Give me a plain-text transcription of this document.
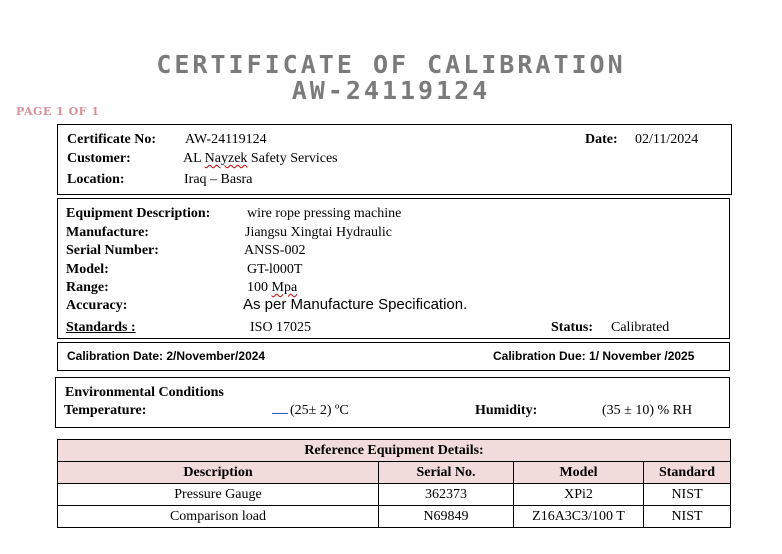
CERTIFICATE OF CALIBRATION
AW-24119124
PAGE 1 OF 1
Certificate No: AW-24119124	Date: 02/11/2024
Customer:	AL Nayzek Safety Services
Location:	Iraq – Basra
Equipment Description:	wire rope pressing machine
Manufacture:	Jiangsu Xingtai Hydraulic
Serial Number:	ANSS-002
Model:	GT-l000T
Range:	100 Mpa
Accuracy:	As per Manufacture Specification.
Standards :	ISO 17025	Status: Calibrated
Calibration Date: 2/November/2024	Calibration Due: 1/ November /2025
Environmental Conditions
Temperature:	(25± 2) ºC	Humidity:	(35 ± 10) % RH
Reference Equipment Details:			
Description	Serial No.	Model	Standard
Pressure Gauge	362373	XPi2	NIST
Comparison load	N69849	Z16A3C3/100 T	NIST
